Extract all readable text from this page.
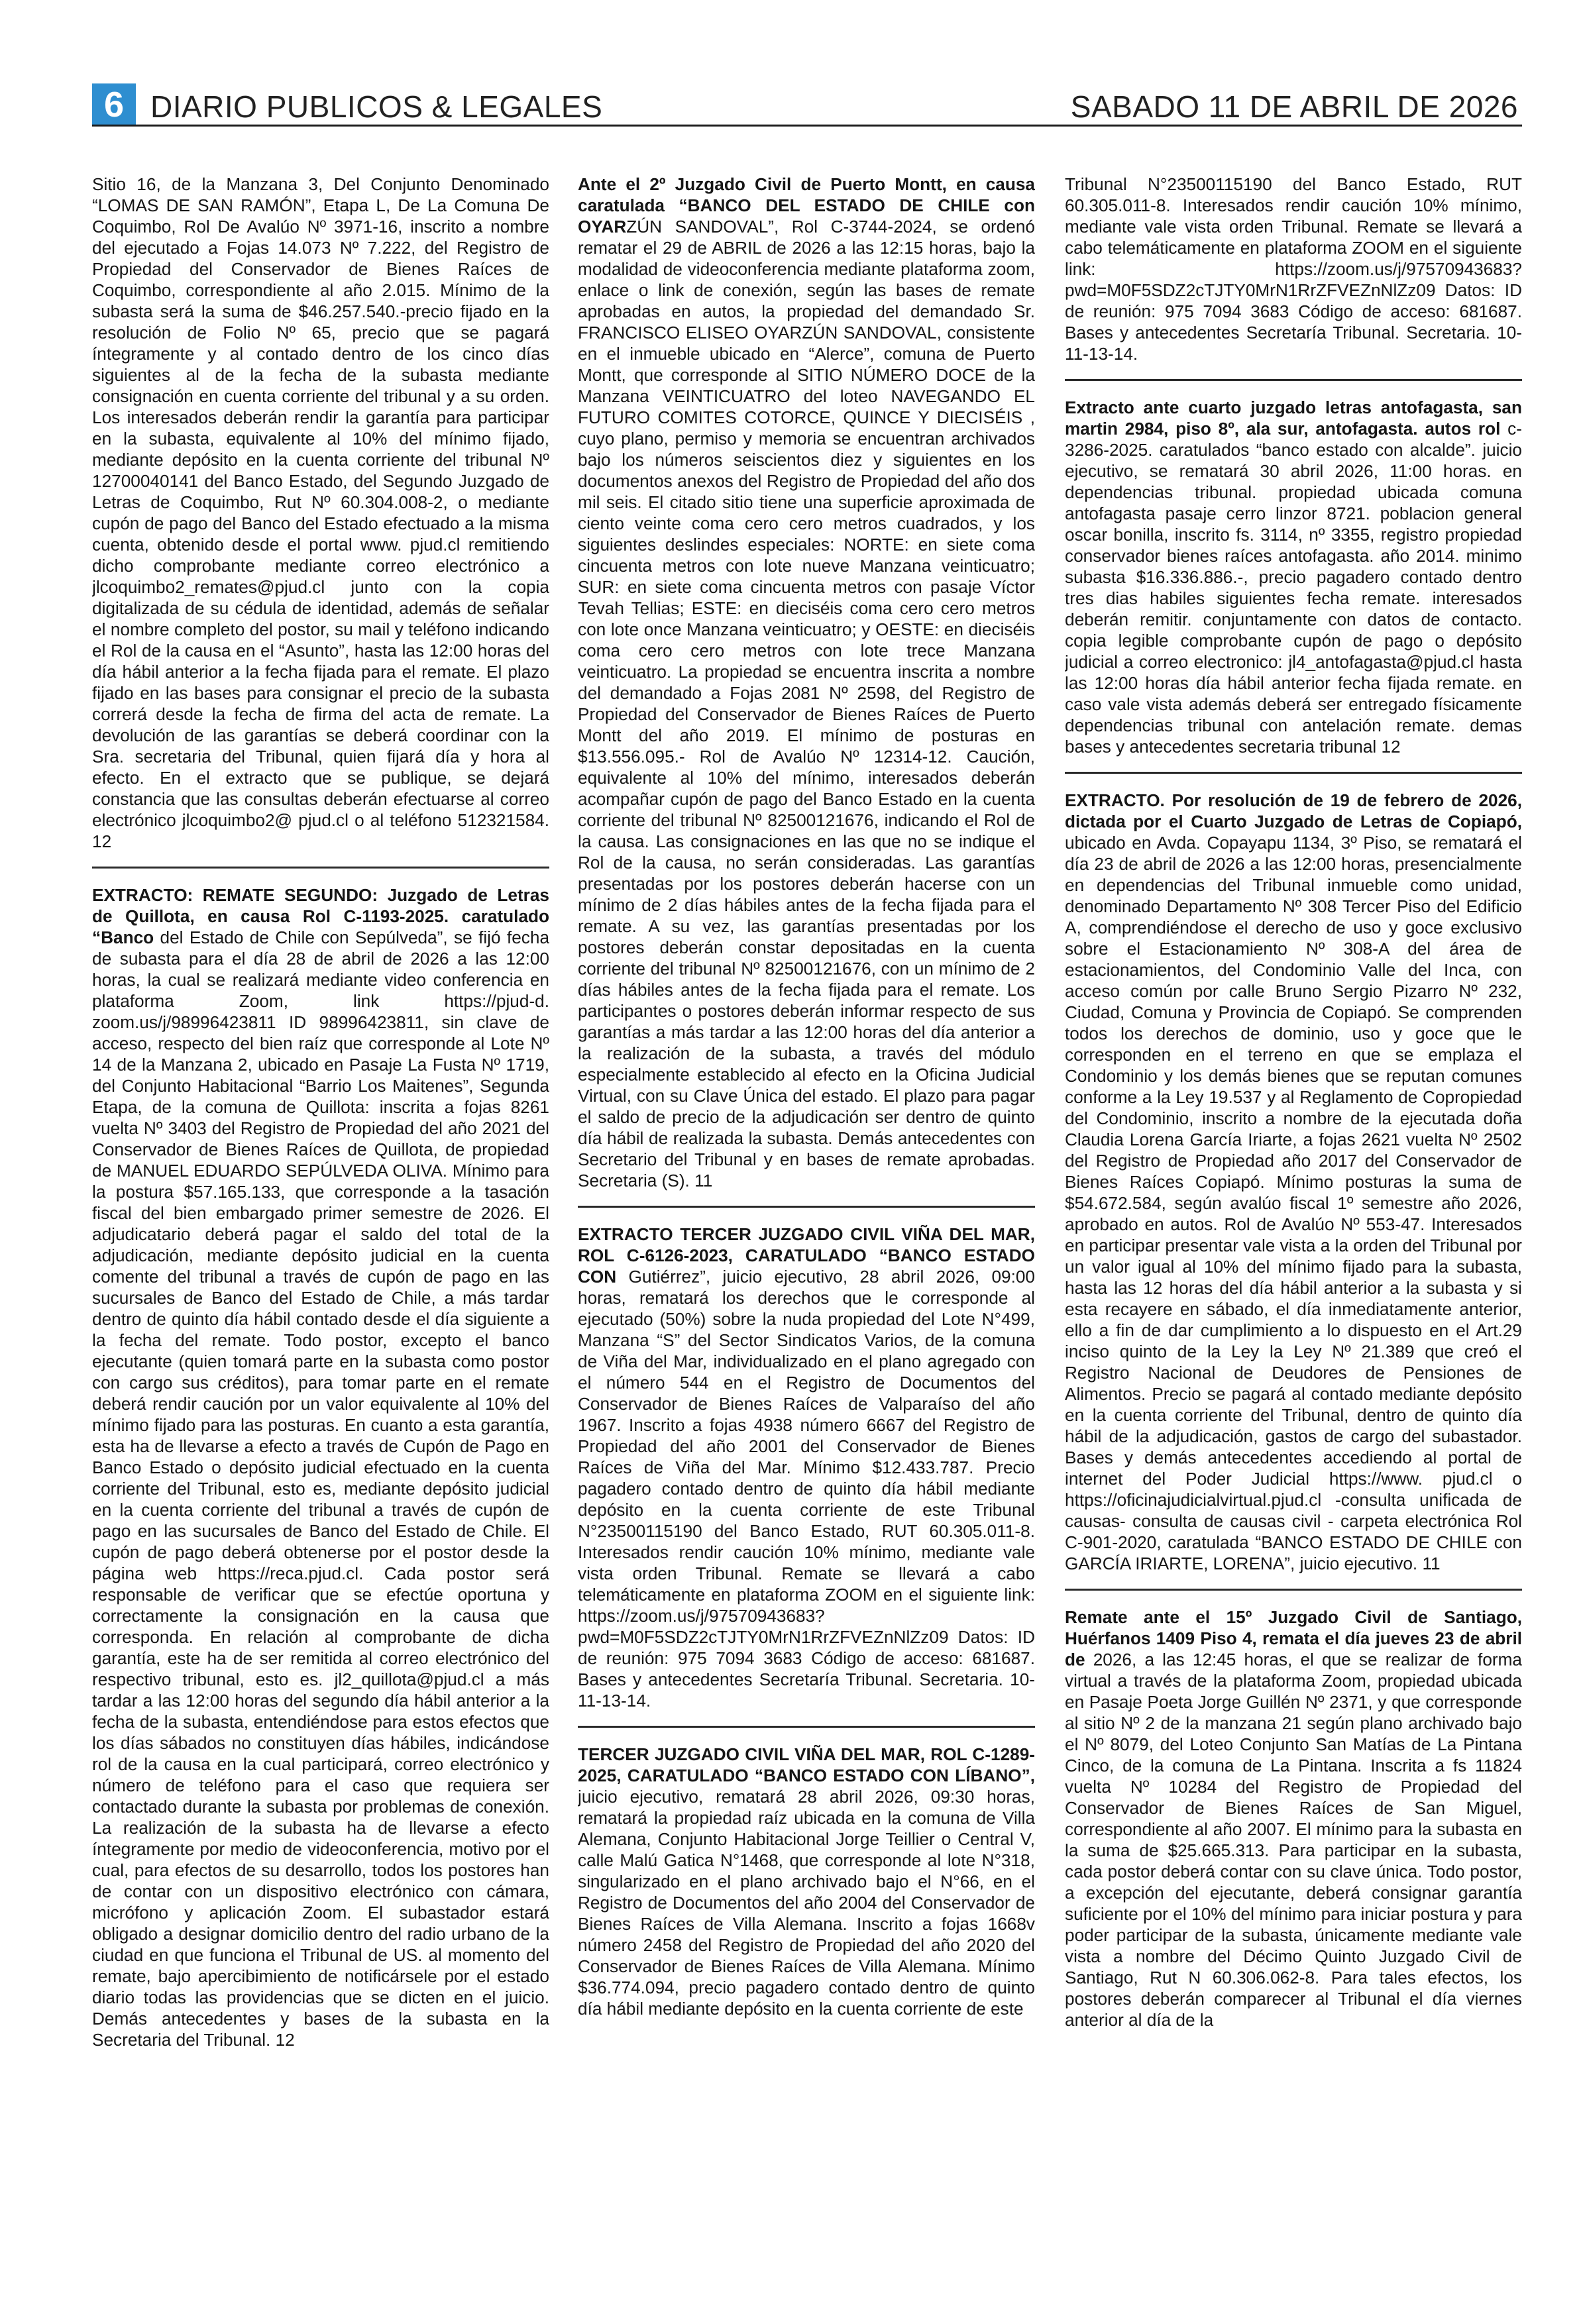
6 DIARIO PUBLICOS & LEGALES	SABADO 11 DE ABRIL DE 2026

Sitio 16, de la Manzana 3, Del Conjunto Denominado “LOMAS DE SAN RAMÓN”, Etapa L, De La Comuna De Coquimbo, Rol De Avalúo Nº 3971-16, inscrito a nombre del ejecutado a Fojas 14.073 Nº 7.222, del Registro de Propiedad del Conservador de Bienes Raíces de Coquimbo, correspondiente al año 2.015. Mínimo de la subasta será la suma de $46.257.540.-precio fijado en la resolución de Folio Nº 65, precio que se pagará íntegramente y al contado dentro de los cinco días siguientes al de la fecha de la subasta mediante consignación en cuenta corriente del tribunal y a su orden. Los interesados deberán rendir la garantía para participar en la subasta, equivalente al 10% del mínimo fijado, mediante depósito en la cuenta corriente del tribunal Nº 12700040141 del Banco Estado, del Segundo Juzgado de Letras de Coquimbo, Rut Nº 60.304.008-2, o mediante cupón de pago del Banco del Estado efectuado a la misma cuenta, obtenido desde el portal www. pjud.cl remitiendo dicho comprobante mediante correo electrónico a jlcoquimbo2_remates@pjud.cl junto con la copia digitalizada de su cédula de identidad, además de señalar el nombre completo del postor, su mail y teléfono indicando el Rol de la causa en el “Asunto”, hasta las 12:00 horas del día hábil anterior a la fecha fijada para el remate. El plazo fijado en las bases para consignar el precio de la subasta correrá desde la fecha de firma del acta de remate. La devolución de las garantías se deberá coordinar con la Sra. secretaria del Tribunal, quien fijará día y hora al efecto. En el extracto que se publique, se dejará constancia que las consultas deberán efectuarse al correo electrónico jlcoquimbo2@ pjud.cl o al teléfono 512321584. 12

EXTRACTO: REMATE SEGUNDO: Juzgado de Letras de Quillota, en causa Rol C-1193-2025. caratulado “Banco del Estado de Chile con Sepúlveda”, se fijó fecha de subasta para el día 28 de abril de 2026 a las 12:00 horas, la cual se realizará mediante video conferencia en plataforma Zoom, link https://pjud-d. zoom.us/j/98996423811 ID 98996423811, sin clave de acceso, respecto del bien raíz que corresponde al Lote Nº 14 de la Manzana 2, ubicado en Pasaje La Fusta Nº 1719, del Conjunto Habitacional “Barrio Los Maitenes”, Segunda Etapa, de la comuna de Quillota: inscrita a fojas 8261 vuelta Nº 3403 del Registro de Propiedad del año 2021 del Conservador de Bienes Raíces de Quillota, de propiedad de MANUEL EDUARDO SEPÚLVEDA OLIVA. Mínimo para la postura $57.165.133, que corresponde a la tasación fiscal del bien embargado primer semestre de 2026. El adjudicatario deberá pagar el saldo del total de la adjudicación, mediante depósito judicial en la cuenta comente del tribunal a través de cupón de pago en las sucursales de Banco del Estado de Chile, a más tardar dentro de quinto día hábil contado desde el día siguiente a la fecha del remate. Todo postor, excepto el banco ejecutante (quien tomará parte en la subasta como postor con cargo sus créditos), para tomar parte en el remate deberá rendir caución por un valor equivalente al 10% del mínimo fijado para las posturas. En cuanto a esta garantía, esta ha de llevarse a efecto a través de Cupón de Pago en Banco Estado o depósito judicial efectuado en la cuenta corriente del Tribunal, esto es, mediante depósito judicial en la cuenta corriente del tribunal a través de cupón de pago en las sucursales de Banco del Estado de Chile. El cupón de pago deberá obtenerse por el postor desde la página web https://reca.pjud.cl. Cada postor será responsable de verificar que se efectúe oportuna y correctamente la consignación en la causa que corresponda. En relación al comprobante de dicha garantía, este ha de ser remitida al correo electrónico del respectivo tribunal, esto es. jl2_quillota@pjud.cl a más tardar a las 12:00 horas del segundo día hábil anterior a la fecha de la subasta, entendiéndose para estos efectos que los días sábados no constituyen días hábiles, indicándose rol de la causa en la cual participará, correo electrónico y número de teléfono para el caso que requiera ser contactado durante la subasta por problemas de conexión. La realización de la subasta ha de llevarse a efecto íntegramente por medio de videoconferencia, motivo por el cual, para efectos de su desarrollo, todos los postores han de contar con un dispositivo electrónico con cámara, micrófono y aplicación Zoom. El subastador estará obligado a designar domicilio dentro del radio urbano de la ciudad en que funciona el Tribunal de US. al momento del remate, bajo apercibimiento de notificársele por el estado diario todas las providencias que se dicten en el juicio. Demás antecedentes y bases de la subasta en la Secretaria del Tribunal. 12

Ante el 2º Juzgado Civil de Puerto Montt, en causa caratulada “BANCO DEL ESTADO DE CHILE con OYARZÚN SANDOVAL”, Rol C-3744-2024, se ordenó rematar el 29 de ABRIL de 2026 a las 12:15 horas, bajo la modalidad de videoconferencia mediante plataforma zoom, enlace o link de conexión, según las bases de remate aprobadas en autos, la propiedad del demandado Sr. FRANCISCO ELISEO OYARZÚN SANDOVAL, consistente en el inmueble ubicado en “Alerce”, comuna de Puerto Montt, que corresponde al SITIO NÚMERO DOCE de la Manzana VEINTICUATRO del loteo NAVEGANDO EL FUTURO COMITES COTORCE, QUINCE Y DIECISÉIS , cuyo plano, permiso y memoria se encuentran archivados bajo los números seiscientos diez y siguientes en los documentos anexos del Registro de Propiedad del año dos mil seis. El citado sitio tiene una superficie aproximada de ciento veinte coma cero cero metros cuadrados, y los siguientes deslindes especiales: NORTE: en siete coma cincuenta metros con lote nueve Manzana veinticuatro; SUR: en siete coma cincuenta metros con pasaje Víctor Tevah Tellias; ESTE: en dieciséis coma cero cero metros con lote once Manzana veinticuatro; y OESTE: en dieciséis coma cero cero metros con lote trece Manzana veinticuatro. La propiedad se encuentra inscrita a nombre del demandado a Fojas 2081 Nº 2598, del Registro de Propiedad del Conservador de Bienes Raíces de Puerto Montt del año 2019. El mínimo de posturas en $13.556.095.- Rol de Avalúo Nº 12314-12. Caución, equivalente al 10% del mínimo, interesados deberán acompañar cupón de pago del Banco Estado en la cuenta corriente del tribunal Nº 82500121676, indicando el Rol de la causa. Las consignaciones en las que no se indique el Rol de la causa, no serán consideradas. Las garantías presentadas por los postores deberán hacerse con un mínimo de 2 días hábiles antes de la fecha fijada para el remate. A su vez, las garantías presentadas por los postores deberán constar depositadas en la cuenta corriente del tribunal Nº 82500121676, con un mínimo de 2 días hábiles antes de la fecha fijada para el remate. Los participantes o postores deberán informar respecto de sus garantías a más tardar a las 12:00 horas del día anterior a la realización de la subasta, a través del módulo especialmente establecido al efecto en la Oficina Judicial Virtual, con su Clave Única del estado. El plazo para pagar el saldo de precio de la adjudicación ser dentro de quinto día hábil de realizada la subasta. Demás antecedentes con Secretario del Tribunal y en bases de remate aprobadas. Secretaria (S). 11

EXTRACTO TERCER JUZGADO CIVIL VIÑA DEL MAR, ROL C-6126-2023, CARATULADO “BANCO ESTADO CON Gutiérrez”, juicio ejecutivo, 28 abril 2026, 09:00 horas, rematará los derechos que le corresponde al ejecutado (50%) sobre la nuda propiedad del Lote N°499, Manzana “S” del Sector Sindicatos Varios, de la comuna de Viña del Mar, individualizado en el plano agregado con el número 544 en el Registro de Documentos del Conservador de Bienes Raíces de Valparaíso del año 1967. Inscrito a fojas 4938 número 6667 del Registro de Propiedad del año 2001 del Conservador de Bienes Raíces de Viña del Mar. Mínimo $12.433.787. Precio pagadero contado dentro de quinto día hábil mediante depósito en la cuenta corriente de este Tribunal N°23500115190 del Banco Estado, RUT 60.305.011-8. Interesados rendir caución 10% mínimo, mediante vale vista orden Tribunal. Remate se llevará a cabo telemáticamente en plataforma ZOOM en el siguiente link: https://zoom.us/j/97570943683?pwd=M0F5SDZ2cTJTY0MrN1RrZFVEZnNlZz09 Datos: ID de reunión: 975 7094 3683 Código de acceso: 681687. Bases y antecedentes Secretaría Tribunal. Secretaria. 10-11-13-14.

TERCER JUZGADO CIVIL VIÑA DEL MAR, ROL C-1289-2025, CARATULADO “BANCO ESTADO CON LÍBANO”, juicio ejecutivo, rematará 28 abril 2026, 09:30 horas, rematará la propiedad raíz ubicada en la comuna de Villa Alemana, Conjunto Habitacional Jorge Teillier o Central V, calle Malú Gatica N°1468, que corresponde al lote N°318, singularizado en el plano archivado bajo el N°66, en el Registro de Documentos del año 2004 del Conservador de Bienes Raíces de Villa Alemana. Inscrito a fojas 1668v número 2458 del Registro de Propiedad del año 2020 del Conservador de Bienes Raíces de Villa Alemana. Mínimo $36.774.094, precio pagadero contado dentro de quinto día hábil mediante depósito en la cuenta corriente de este

Tribunal N°23500115190 del Banco Estado, RUT 60.305.011-8. Interesados rendir caución 10% mínimo, mediante vale vista orden Tribunal. Remate se llevará a cabo telemáticamente en plataforma ZOOM en el siguiente link: https://zoom.us/j/97570943683?pwd=M0F5SDZ2cTJTY0MrN1RrZFVEZnNlZz09 Datos: ID de reunión: 975 7094 3683 Código de acceso: 681687. Bases y antecedentes Secretaría Tribunal. Secretaria. 10-11-13-14.

Extracto ante cuarto juzgado letras antofagasta, san martin 2984, piso 8º, ala sur, antofagasta. autos rol c-3286-2025. caratulados “banco estado con alcalde”. juicio ejecutivo, se rematará 30 abril 2026, 11:00 horas. en dependencias tribunal. propiedad ubicada comuna antofagasta pasaje cerro linzor 8721. poblacion general oscar bonilla, inscrito fs. 3114, nº 3355, registro propiedad conservador bienes raíces antofagasta. año 2014. minimo subasta $16.336.886.-, precio pagadero contado dentro tres dias habiles siguientes fecha remate. interesados deberán remitir. conjuntamente con datos de contacto. copia legible comprobante cupón de pago o depósito judicial a correo electronico: jl4_antofagasta@pjud.cl hasta las 12:00 horas día hábil anterior fecha fijada remate. en caso vale vista además deberá ser entregado físicamente dependencias tribunal con antelación remate. demas bases y antecedentes secretaria tribunal 12

EXTRACTO. Por resolución de 19 de febrero de 2026, dictada por el Cuarto Juzgado de Letras de Copiapó, ubicado en Avda. Copayapu 1134, 3º Piso, se rematará el día 23 de abril de 2026 a las 12:00 horas, presencialmente en dependencias del Tribunal inmueble como unidad, denominado Departamento Nº 308 Tercer Piso del Edificio A, comprendiéndose el derecho de uso y goce exclusivo sobre el Estacionamiento Nº 308-A del área de estacionamientos, del Condominio Valle del Inca, con acceso común por calle Bruno Sergio Pizarro Nº 232, Ciudad, Comuna y Provincia de Copiapó. Se comprenden todos los derechos de dominio, uso y goce que le corresponden en el terreno en que se emplaza el Condominio y los demás bienes que se reputan comunes conforme a la Ley 19.537 y al Reglamento de Copropiedad del Condominio, inscrito a nombre de la ejecutada doña Claudia Lorena García Iriarte, a fojas 2621 vuelta Nº 2502 del Registro de Propiedad año 2017 del Conservador de Bienes Raíces Copiapó. Mínimo posturas la suma de $54.672.584, según avalúo fiscal 1º semestre año 2026, aprobado en autos. Rol de Avalúo Nº 553-47. Interesados en participar presentar vale vista a la orden del Tribunal por un valor igual al 10% del mínimo fijado para la subasta, hasta las 12 horas del día hábil anterior a la subasta y si esta recayere en sábado, el día inmediatamente anterior, ello a fin de dar cumplimiento a lo dispuesto en el Art.29 inciso quinto de la Ley la Ley Nº 21.389 que creó el Registro Nacional de Deudores de Pensiones de Alimentos. Precio se pagará al contado mediante depósito en la cuenta corriente del Tribunal, dentro de quinto día hábil de la adjudicación, gastos de cargo del subastador. Bases y demás antecedentes accediendo al portal de internet del Poder Judicial https://www. pjud.cl o https://oficinajudicialvirtual.pjud.cl -consulta unificada de causas- consulta de causas civil - carpeta electrónica Rol C-901-2020, caratulada “BANCO ESTADO DE CHILE con GARCÍA IRIARTE, LORENA”, juicio ejecutivo. 11

Remate ante el 15º Juzgado Civil de Santiago, Huérfanos 1409 Piso 4, remata el día jueves 23 de abril de 2026, a las 12:45 horas, el que se realizar de forma virtual a través de la plataforma Zoom, propiedad ubicada en Pasaje Poeta Jorge Guillén Nº 2371, y que corresponde al sitio Nº 2 de la manzana 21 según plano archivado bajo el Nº 8079, del Loteo Conjunto San Matías de La Pintana Cinco, de la comuna de La Pintana. Inscrita a fs 11824 vuelta Nº 10284 del Registro de Propiedad del Conservador de Bienes Raíces de San Miguel, correspondiente al año 2007. El mínimo para la subasta en la suma de $25.665.313. Para participar en la subasta, cada postor deberá contar con su clave única. Todo postor, a excepción del ejecutante, deberá consignar garantía suficiente por el 10% del mínimo para iniciar postura y para poder participar de la subasta, únicamente mediante vale vista a nombre del Décimo Quinto Juzgado Civil de Santiago, Rut N 60.306.062-8. Para tales efectos, los postores deberán comparecer al Tribunal el día viernes anterior al día de la
